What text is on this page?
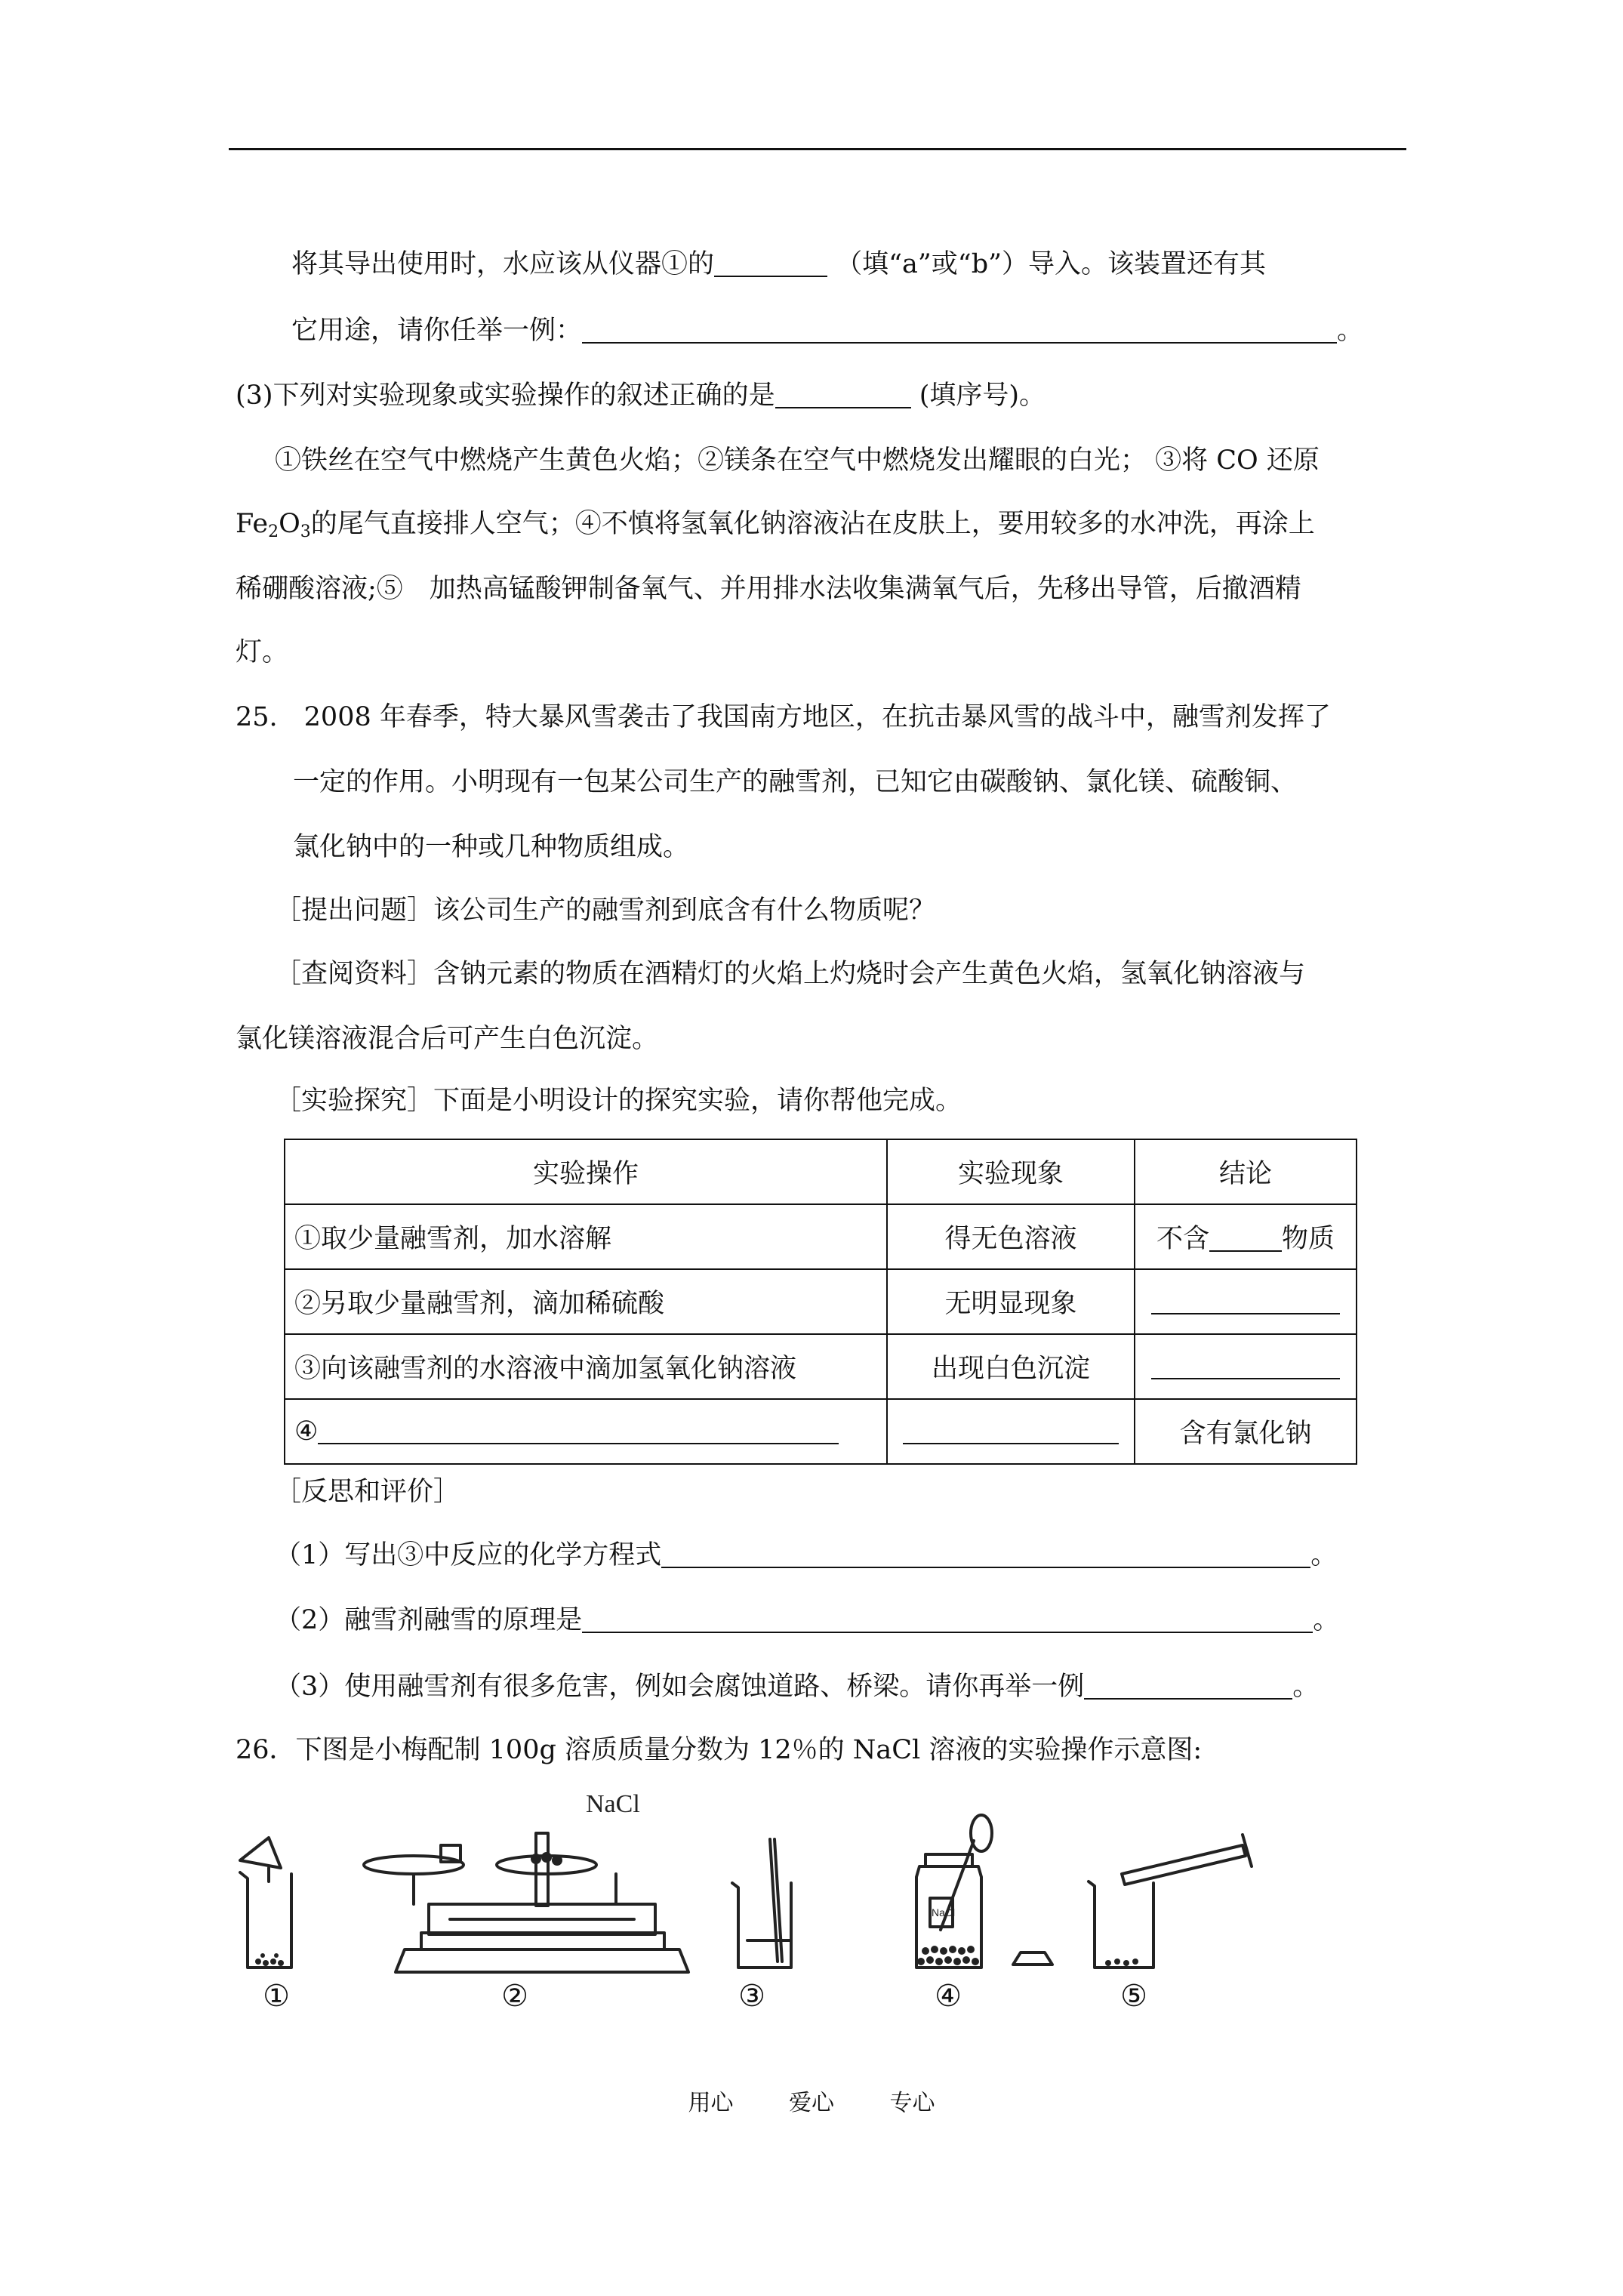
将其导出使用时，水应该从仪器①的	（填“a”或“b”）导入。该装置还有其
它用途，请你任举一例：	。
(3)下列对实验现象或实验操作的叙述正确的是	(填序号)。
①铁丝在空气中燃烧产生黄色火焰；②镁条在空气中燃烧发出耀眼的白光； ③将 CO 还原
$Fe_2O_3$的尾气直接排人空气；④不慎将氢氧化钠溶液沾在皮肤上，要用较多的水冲洗，再涂上
稀硼酸溶液;⑤　加热高锰酸钾制备氧气、并用排水法收集满氧气后，先移出导管，后撤酒精
灯。
25.　2008 年春季，特大暴风雪袭击了我国南方地区，在抗击暴风雪的战斗中，融雪剂发挥了
一定的作用。小明现有一包某公司生产的融雪剂，已知它由碳酸钠、氯化镁、硫酸铜、
氯化钠中的一种或几种物质组成。
［提出问题］该公司生产的融雪剂到底含有什么物质呢？
［查阅资料］含钠元素的物质在酒精灯的火焰上灼烧时会产生黄色火焰，氢氧化钠溶液与
氯化镁溶液混合后可产生白色沉淀。
［实验探究］下面是小明设计的探究实验，请你帮他完成。
实验操作	实验现象	结论
①取少量融雪剂，加水溶解	得无色溶液	不含 物质
②另取少量融雪剂，滴加稀硫酸	无明显现象	
③向该融雪剂的水溶液中滴加氢氧化钠溶液	出现白色沉淀	
④		含有氯化钠
［反思和评价］
（1）写出③中反应的化学方程式	。
（2）融雪剂融雪的原理是	。
（3）使用融雪剂有很多危害，例如会腐蚀道路、桥梁。请你再举一例	。
26．下图是小梅配制 100g 溶质质量分数为 12％的 NaCl 溶液的实验操作示意图:
NaCl
NaCl
①	②	③	④	⑤
用心 爱心 专心
